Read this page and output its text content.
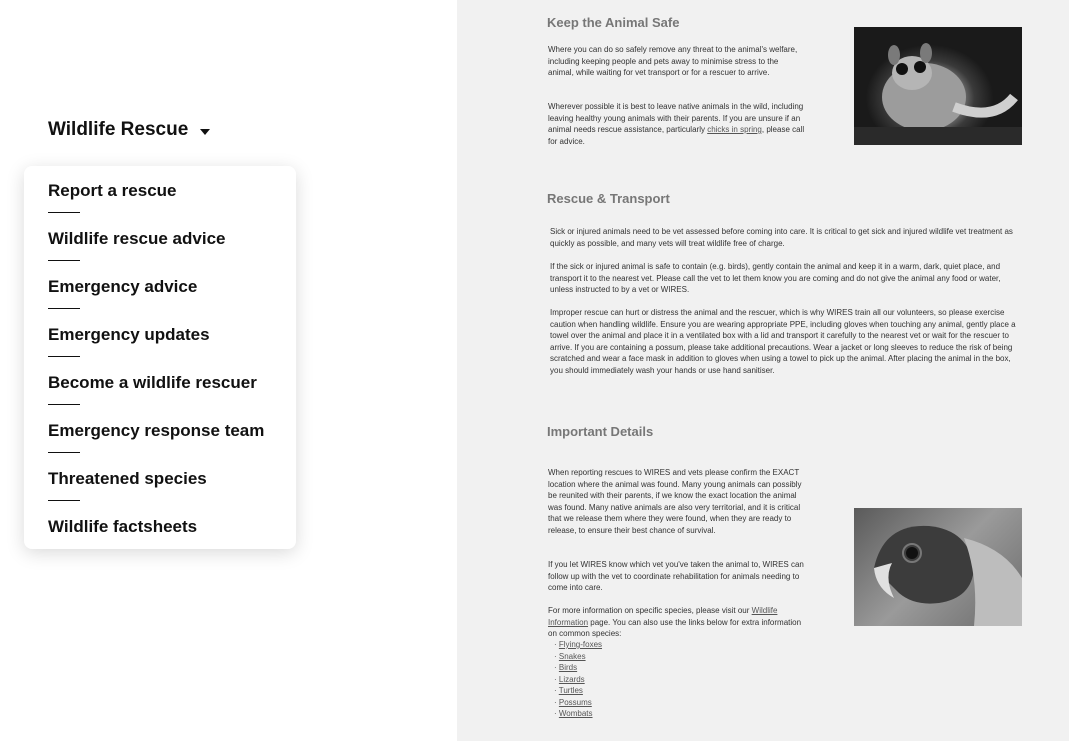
Wildlife Rescue
Report a rescue
Wildlife rescue advice
Emergency advice
Emergency updates
Become a wildlife rescuer
Emergency response team
Threatened species
Wildlife factsheets
Keep the Animal Safe

Where you can do so safely remove any threat to the animal's welfare, including keeping people and pets away to minimise stress to the animal, while waiting for vet transport or for a rescuer to arrive.

Wherever possible it is best to leave native animals in the wild, including leaving healthy young animals with their parents. If you are unsure if an animal needs rescue assistance, particularly chicks in spring, please call for advice.

Rescue & Transport

Sick or injured animals need to be vet assessed before coming into care. It is critical to get sick and injured wildlife vet treatment as quickly as possible, and many vets will treat wildlife free of charge.

If the sick or injured animal is safe to contain (e.g. birds), gently contain the animal and keep it in a warm, dark, quiet place, and transport it to the nearest vet. Please call the vet to let them know you are coming and do not give the animal any food or water, unless instructed to by a vet or WIRES.

Improper rescue can hurt or distress the animal and the rescuer, which is why WIRES train all our volunteers, so please exercise caution when handling wildlife. Ensure you are wearing appropriate PPE, including gloves when touching any animal, gently place a towel over the animal and place it in a ventilated box with a lid and transport it carefully to the nearest vet or wait for the rescuer to arrive. If you are containing a possum, please take additional precautions. Wear a jacket or long sleeves to reduce the risk of being scratched and wear a face mask in addition to gloves when using a towel to pick up the animal. After placing the animal in the box, you should immediately wash your hands or use hand sanitiser.

Important Details

When reporting rescues to WIRES and vets please confirm the EXACT location where the animal was found. Many young animals can possibly be reunited with their parents, if we know the exact location the animal was found. Many native animals are also very territorial, and it is critical that we release them where they were found, when they are ready to release, to ensure their best chance of survival.

If you let WIRES know which vet you've taken the animal to, WIRES can follow up with the vet to coordinate rehabilitation for animals needing to come into care.

For more information on specific species, please visit our Wildlife Information page. You can also use the links below for extra information on common species:

· Flying-foxes
· Snakes
· Birds
· Lizards
· Turtles
· Possums
· Wombats
